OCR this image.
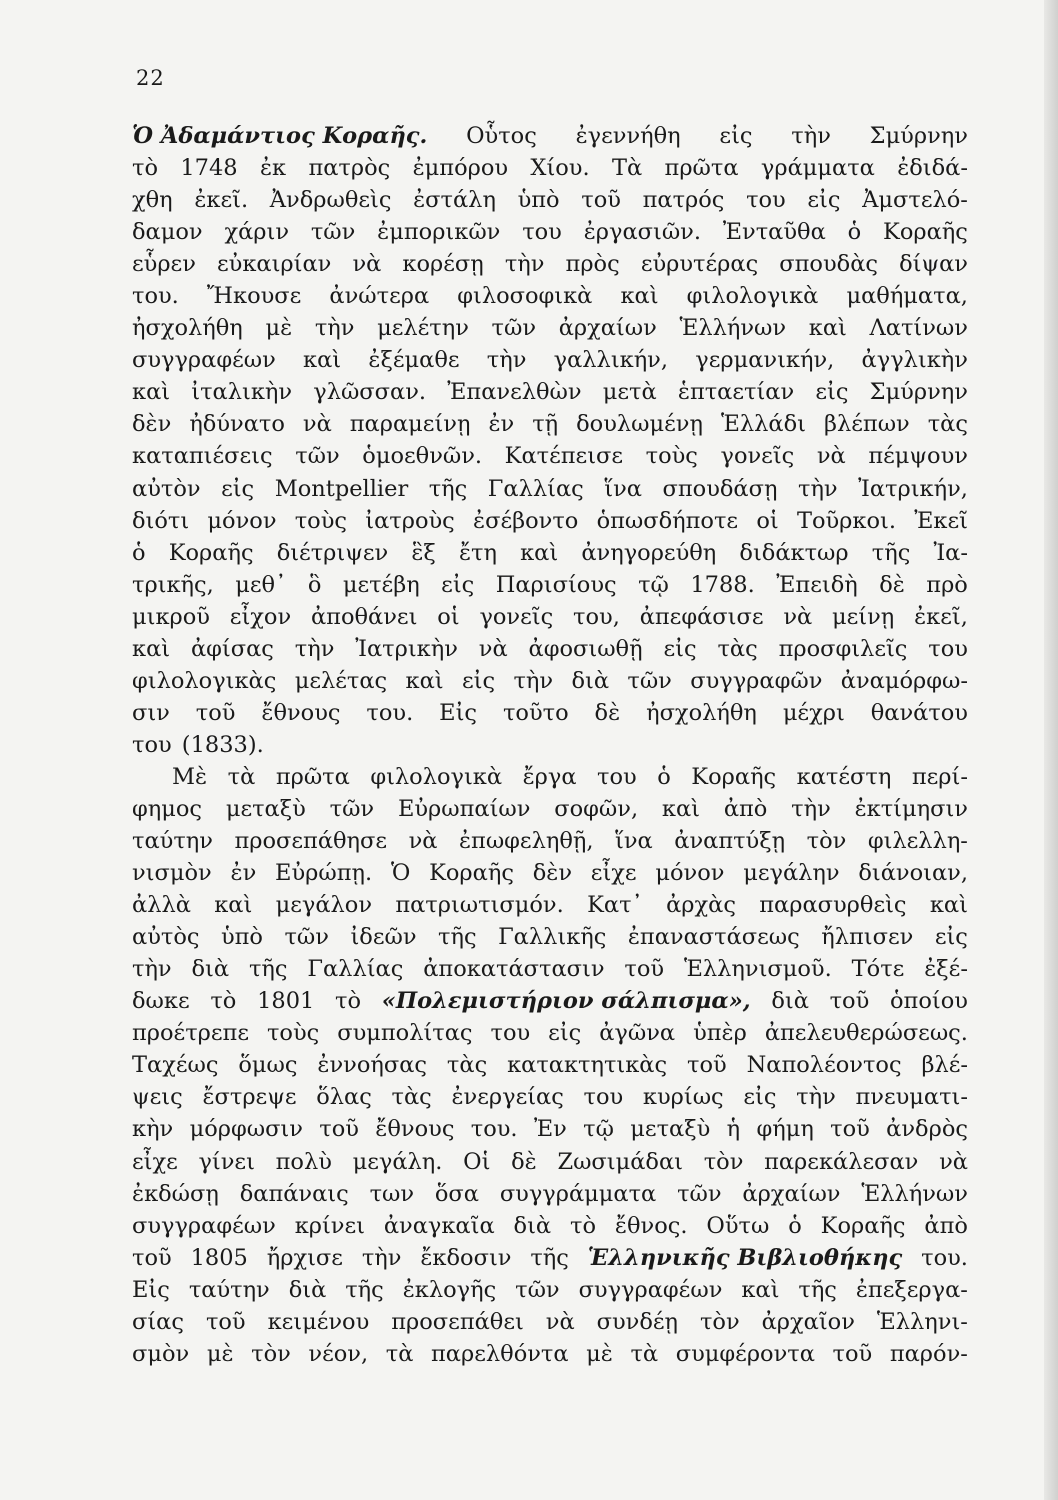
22
Ὁ Ἀδαμάντιος Κοραῆς. Οὗτος ἐγεννήθη εἰς τὴν Σμύρνην
τὸ 1748 ἐκ πατρὸς ἐμπόρου Χίου. Τὰ πρῶτα γράμματα ἐδιδά-
χθη ἐκεῖ. Ἀνδρωθεὶς ἐστάλη ὑπὸ τοῦ πατρός του εἰς Ἀμστελό-
δαμον χάριν τῶν ἐμπορικῶν του ἐργασιῶν. Ἐνταῦθα ὁ Κοραῆς
εὗρεν εὐκαιρίαν νὰ κορέσῃ τὴν πρὸς εὐρυτέρας σπουδὰς δίψαν
του. Ἤκουσε ἀνώτερα φιλοσοφικὰ καὶ φιλολογικὰ μαθήματα,
ἠσχολήθη μὲ τὴν μελέτην τῶν ἀρχαίων Ἑλλήνων καὶ Λατίνων
συγγραφέων καὶ ἐξέμαθε τὴν γαλλικήν, γερμανικήν, ἀγγλικὴν
καὶ ἰταλικὴν γλῶσσαν. Ἐπανελθὼν μετὰ ἑπταετίαν εἰς Σμύρνην
δὲν ἠδύνατο νὰ παραμείνῃ ἐν τῇ δουλωμένῃ Ἑλλάδι βλέπων τὰς
καταπιέσεις τῶν ὁμοεθνῶν. Κατέπεισε τοὺς γονεῖς νὰ πέμψουν
αὐτὸν εἰς Montpellier τῆς Γαλλίας ἵνα σπουδάσῃ τὴν Ἰατρικήν,
διότι μόνον τοὺς ἰατροὺς ἐσέβοντο ὁπωσδήποτε οἱ Τοῦρκοι. Ἐκεῖ
ὁ Κοραῆς διέτριψεν ἓξ ἔτη καὶ ἀνηγορεύθη διδάκτωρ τῆς Ἰα-
τρικῆς, μεθ᾽ ὃ μετέβη εἰς Παρισίους τῷ 1788. Ἐπειδὴ δὲ πρὸ
μικροῦ εἶχον ἀποθάνει οἱ γονεῖς του, ἀπεφάσισε νὰ μείνῃ ἐκεῖ,
καὶ ἀφίσας τὴν Ἰατρικὴν νὰ ἀφοσιωθῇ εἰς τὰς προσφιλεῖς του
φιλολογικὰς μελέτας καὶ εἰς τὴν διὰ τῶν συγγραφῶν ἀναμόρφω-
σιν τοῦ ἔθνους του. Εἰς τοῦτο δὲ ἠσχολήθη μέχρι θανάτου
του (1833).
Μὲ τὰ πρῶτα φιλολογικὰ ἔργα του ὁ Κοραῆς κατέστη περί-
φημος μεταξὺ τῶν Εὐρωπαίων σοφῶν, καὶ ἀπὸ τὴν ἐκτίμησιν
ταύτην προσεπάθησε νὰ ἐπωφεληθῇ, ἵνα ἀναπτύξῃ τὸν φιλελλη-
νισμὸν ἐν Εὐρώπῃ. Ὁ Κοραῆς δὲν εἶχε μόνον μεγάλην διάνοιαν,
ἀλλὰ καὶ μεγάλον πατριωτισμόν. Κατ᾽ ἀρχὰς παρασυρθεὶς καὶ
αὐτὸς ὑπὸ τῶν ἰδεῶν τῆς Γαλλικῆς ἐπαναστάσεως ἤλπισεν εἰς
τὴν διὰ τῆς Γαλλίας ἀποκατάστασιν τοῦ Ἑλληνισμοῦ. Τότε ἐξέ-
δωκε τὸ 1801 τὸ «Πολεμιστήριον σάλπισμα», διὰ τοῦ ὁποίου
προέτρεπε τοὺς συμπολίτας του εἰς ἀγῶνα ὑπὲρ ἀπελευθερώσεως.
Ταχέως ὅμως ἐννοήσας τὰς κατακτητικὰς τοῦ Ναπολέοντος βλέ-
ψεις ἔστρεψε ὅλας τὰς ἐνεργείας του κυρίως εἰς τὴν πνευματι-
κὴν μόρφωσιν τοῦ ἔθνους του. Ἐν τῷ μεταξὺ ἡ φήμη τοῦ ἀνδρὸς
εἶχε γίνει πολὺ μεγάλη. Οἱ δὲ Ζωσιμάδαι τὸν παρεκάλεσαν νὰ
ἐκδώσῃ δαπάναις των ὅσα συγγράμματα τῶν ἀρχαίων Ἑλλήνων
συγγραφέων κρίνει ἀναγκαῖα διὰ τὸ ἔθνος. Οὕτω ὁ Κοραῆς ἀπὸ
τοῦ 1805 ἤρχισε τὴν ἔκδοσιν τῆς Ἑλληνικῆς Βιβλιοθήκης του.
Εἰς ταύτην διὰ τῆς ἐκλογῆς τῶν συγγραφέων καὶ τῆς ἐπεξεργα-
σίας τοῦ κειμένου προσεπάθει νὰ συνδέῃ τὸν ἀρχαῖον Ἑλληνι-
σμὸν μὲ τὸν νέον, τὰ παρελθόντα μὲ τὰ συμφέροντα τοῦ παρόν-
